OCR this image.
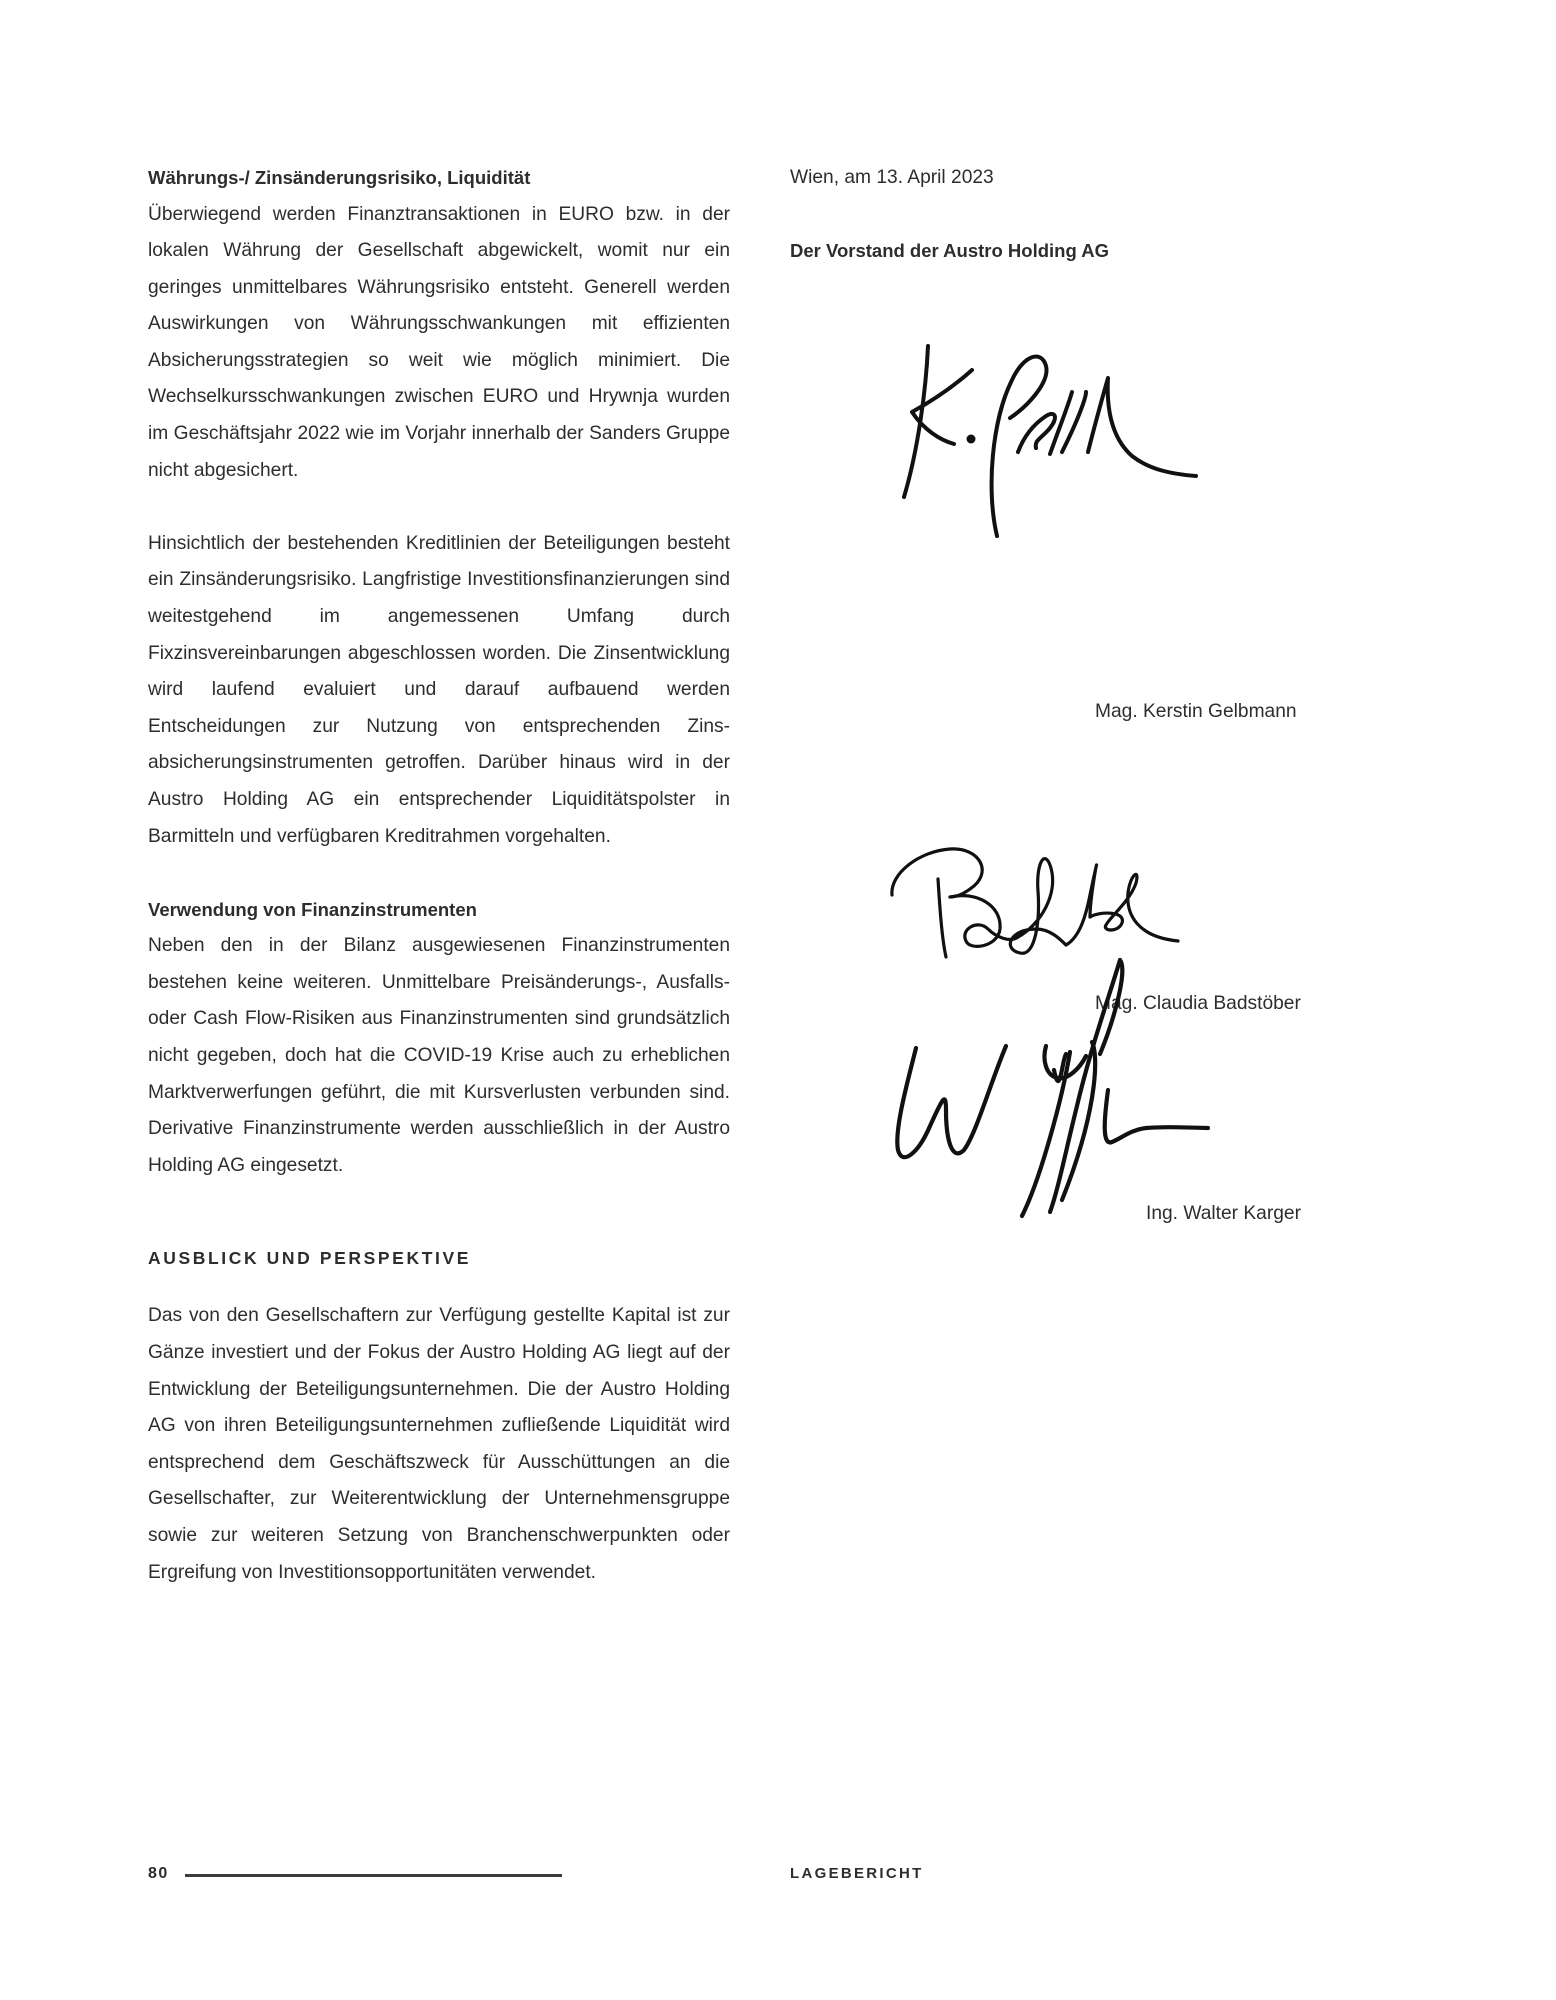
Währungs-/ Zinsänderungsrisiko, Liquidität

Überwiegend werden Finanztransaktionen in EURO bzw. in der lokalen Währung der Gesellschaft abgewickelt, womit nur ein geringes unmittelbares Währungsrisiko entsteht. Generell werden Auswirkungen von Währungsschwankungen mit effizienten Absicherungsstrategien so weit wie möglich minimiert. Die Wechselkursschwankungen zwischen EURO und Hrywnja wurden im Geschäftsjahr 2022 wie im Vorjahr innerhalb der Sanders Gruppe nicht abgesichert.

Hinsichtlich der bestehenden Kreditlinien der Beteiligungen besteht ein Zinsänderungsrisiko. Langfristige Investitionsfinanzierungen sind weitestgehend im angemessenen Umfang durch Fixzinsvereinbarungen abgeschlossen worden. Die Zinsentwicklung wird laufend evaluiert und darauf aufbauend werden Entscheidungen zur Nutzung von entsprechenden Zinsabsicherungsinstrumenten getroffen. Darüber hinaus wird in der Austro Holding AG ein entsprechender Liquiditätspolster in Barmitteln und verfügbaren Kreditrahmen vorgehalten.

Verwendung von Finanzinstrumenten

Neben den in der Bilanz ausgewiesenen Finanzinstrumenten bestehen keine weiteren. Unmittelbare Preisänderungs-, Ausfalls- oder Cash Flow-Risiken aus Finanzinstrumenten sind grundsätzlich nicht gegeben, doch hat die COVID-19 Krise auch zu erheblichen Marktverwerfungen geführt, die mit Kursverlusten verbunden sind. Derivative Finanzinstrumente werden ausschließlich in der Austro Holding AG eingesetzt.

AUSBLICK UND PERSPEKTIVE

Das von den Gesellschaftern zur Verfügung gestellte Kapital ist zur Gänze investiert und der Fokus der Austro Holding AG liegt auf der Entwicklung der Beteiligungsunternehmen. Die der Austro Holding AG von ihren Beteiligungsunternehmen zufließende Liquidität wird entsprechend dem Geschäftszweck für Ausschüttungen an die Gesellschafter, zur Weiterentwicklung der Unternehmensgruppe sowie zur weiteren Setzung von Branchenschwerpunkten oder Ergreifung von Investitionsopportunitäten verwendet.

Wien, am 13. April 2023

Der Vorstand der Austro Holding AG

Mag. Kerstin Gelbmann
Mag. Claudia Badstöber
Ing. Walter Karger
80	LAGEBERICHT
